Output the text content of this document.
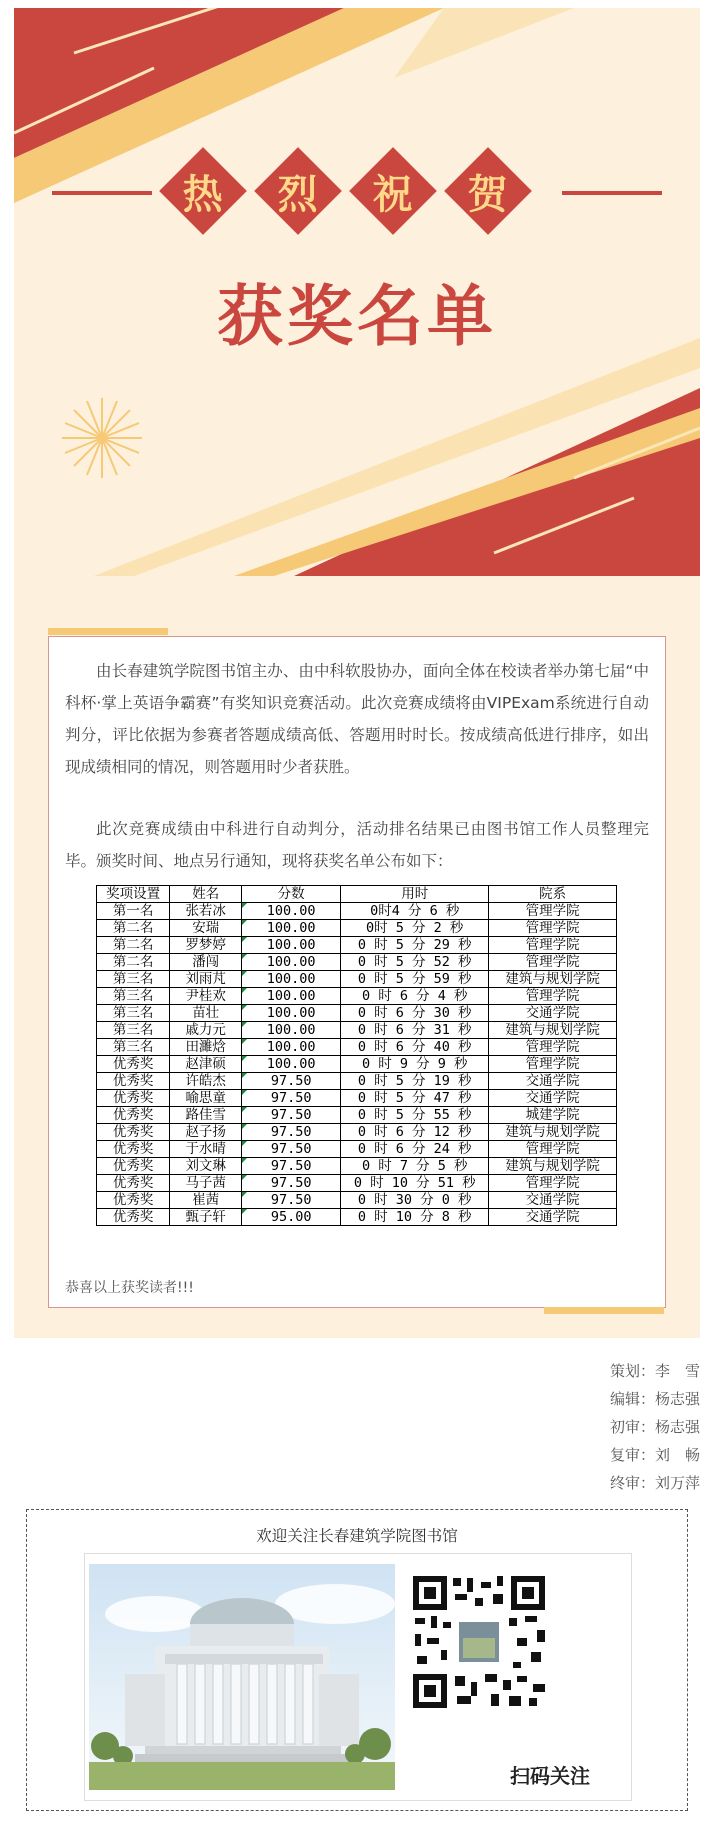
热 烈 祝 贺
获奖名单

由长春建筑学院图书馆主办、由中科软股协办，面向全体在校读者举办第七届“中科杯·掌上英语争霸赛”有奖知识竞赛活动。此次竞赛成绩将由VIPExam系统进行自动判分，评比依据为参赛者答题成绩高低、答题用时时长。按成绩高低进行排序，如出现成绩相同的情况，则答题用时少者获胜。

此次竞赛成绩由中科进行自动判分，活动排名结果已由图书馆工作人员整理完毕。颁奖时间、地点另行通知，现将获奖名单公布如下：

奖项设置	姓名	分数	用时	院系
第一名	张若冰	100.00	0时4 分 6 秒	管理学院
第二名	安瑞	100.00	0时 5 分 2 秒	管理学院
第二名	罗梦婷	100.00	0 时 5 分 29 秒	管理学院
第二名	潘闯	100.00	0 时 5 分 52 秒	管理学院
第三名	刘雨芃	100.00	0 时 5 分 59 秒	建筑与规划学院
第三名	尹桂欢	100.00	0 时 6 分 4 秒	管理学院
第三名	苗壮	100.00	0 时 6 分 30 秒	交通学院
第三名	戚力元	100.00	0 时 6 分 31 秒	建筑与规划学院
第三名	田濉焓	100.00	0 时 6 分 40 秒	管理学院
优秀奖	赵津硕	100.00	0 时 9 分 9 秒	管理学院
优秀奖	许皓杰	97.50	0 时 5 分 19 秒	交通学院
优秀奖	喻思童	97.50	0 时 5 分 47 秒	交通学院
优秀奖	路佳雪	97.50	0 时 5 分 55 秒	城建学院
优秀奖	赵子扬	97.50	0 时 6 分 12 秒	建筑与规划学院
优秀奖	于水晴	97.50	0 时 6 分 24 秒	管理学院
优秀奖	刘文琳	97.50	0 时 7 分 5 秒	建筑与规划学院
优秀奖	马子茜	97.50	0 时 10 分 51 秒	管理学院
优秀奖	崔茜	97.50	0 时 30 分 0 秒	交通学院
优秀奖	甄子轩	95.00	0 时 10 分 8 秒	交通学院
恭喜以上获奖读者!!!
策划：李　雪
编辑：杨志强
初审：杨志强
复审：刘　畅
终审：刘万萍
欢迎关注长春建筑学院图书馆
扫码关注
